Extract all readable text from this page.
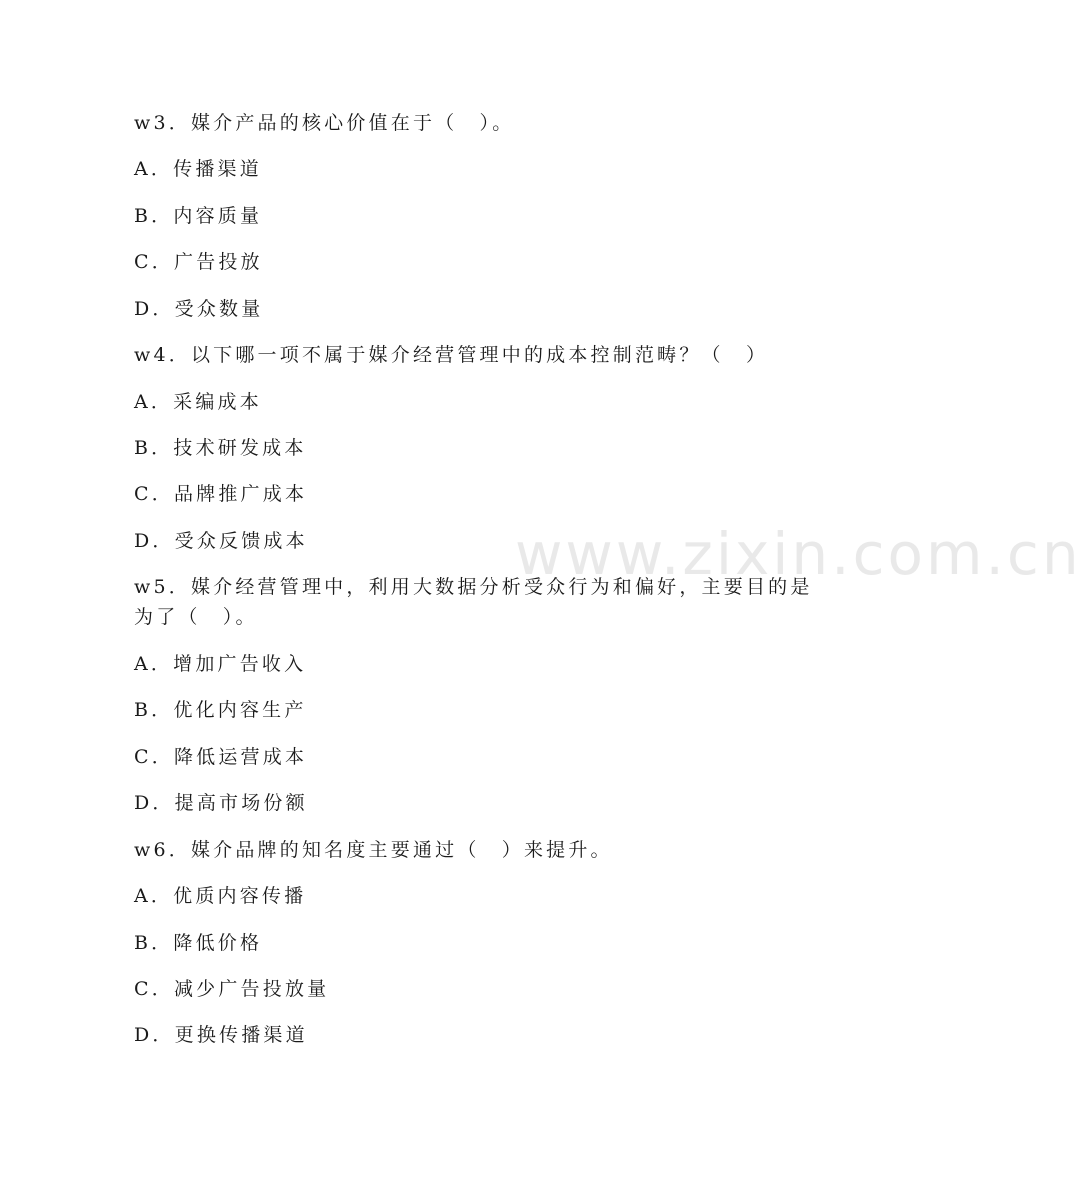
www.zixin.com.cn
w3．媒介产品的核心价值在于（　）。
A．传播渠道
B．内容质量
C．广告投放
D．受众数量
w4．以下哪一项不属于媒介经营管理中的成本控制范畴？（　）
A．采编成本
B．技术研发成本
C．品牌推广成本
D．受众反馈成本
w5．媒介经营管理中，利用大数据分析受众行为和偏好，主要目的是
为了（　）。
A．增加广告收入
B．优化内容生产
C．降低运营成本
D．提高市场份额
w6．媒介品牌的知名度主要通过（　）来提升。
A．优质内容传播
B．降低价格
C．减少广告投放量
D．更换传播渠道
